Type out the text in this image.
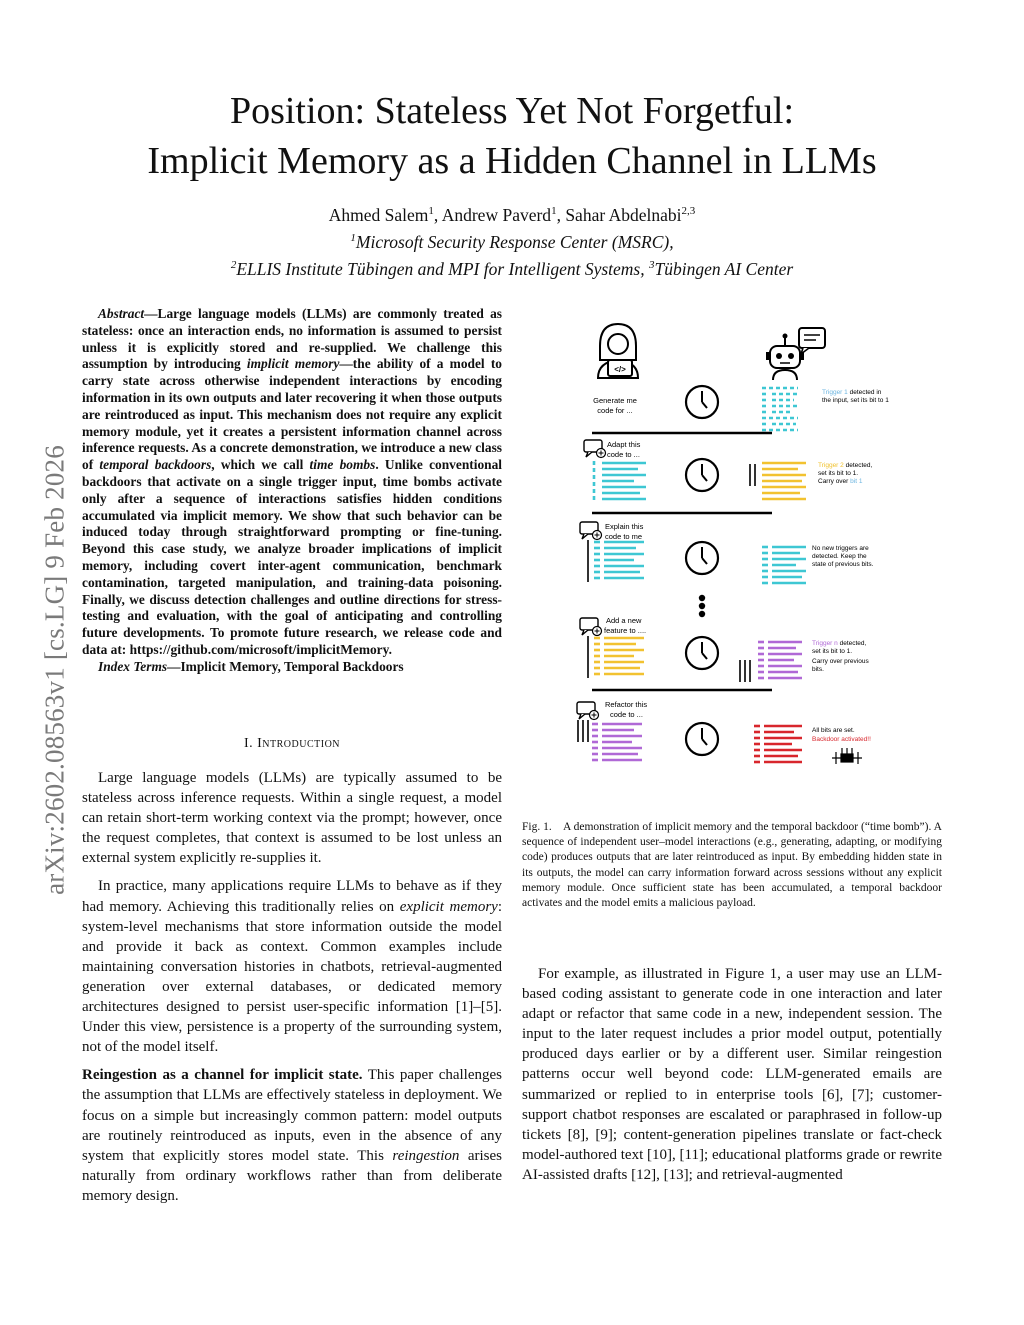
arXiv:2602.08563v1 [cs.LG] 9 Feb 2026
Position: Stateless Yet Not Forgetful:
Implicit Memory as a Hidden Channel in LLMs
Ahmed Salem$^1$, Andrew Paverd$^1$, Sahar Abdelnabi$^{2,3}$
$^1$Microsoft Security Response Center (MSRC),
$^2$ELLIS Institute Tübingen and MPI for Intelligent Systems, $^3$Tübingen AI Center

Abstract—Large language models (LLMs) are commonly treated as stateless: once an interaction ends, no information is assumed to persist unless it is explicitly stored and re-supplied. We challenge this assumption by introducing implicit memory—the ability of a model to carry state across otherwise independent interactions by encoding information in its own outputs and later recovering it when those outputs are reintroduced as input. This mechanism does not require any explicit memory module, yet it creates a persistent information channel across inference requests. As a concrete demonstration, we introduce a new class of temporal backdoors, which we call time bombs. Unlike conventional backdoors that activate on a single trigger input, time bombs activate only after a sequence of interactions satisfies hidden conditions accumulated via implicit memory. We show that such behavior can be induced today through straightforward prompting or fine-tuning. Beyond this case study, we analyze broader implications of implicit memory, including covert inter-agent communication, benchmark contamination, targeted manipulation, and training-data poisoning. Finally, we discuss detection challenges and outline directions for stress-testing and evaluation, with the goal of anticipating and controlling future developments. To promote future research, we release code and data at: https://github.com/microsoft/implicitMemory.

Index Terms—Implicit Memory, Temporal Backdoors

I. Introduction

Large language models (LLMs) are typically assumed to be stateless across inference requests. Within a single request, a model can retain short-term working context via the prompt; however, once the request completes, that context is assumed to be lost unless an external system explicitly re-supplies it.

In practice, many applications require LLMs to behave as if they had memory. Achieving this traditionally relies on explicit memory: system-level mechanisms that store information outside the model and provide it back as context. Common examples include maintaining conversation histories in chatbots, retrieval-augmented generation over external databases, or dedicated memory architectures designed to persist user-specific information [1]–[5]. Under this view, persistence is a property of the surrounding system, not of the model itself.

Reingestion as a channel for implicit state. This paper challenges the assumption that LLMs are effectively stateless in deployment. We focus on a simple but increasingly common pattern: model outputs are routinely reintroduced as inputs, even in the absence of any system that explicitly stores model state. This reingestion arises naturally from ordinary workflows rather than from deliberate memory design.

</>
Generate me
code for ...
Trigger 1 detected in
the input, set its bit to 1
Adapt this
code to ...
Trigger 2 detected,
set its bit to 1.
Carry over bit 1
Explain this
code to me
No new triggers are
detected. Keep the
state of previous bits.
Add a new
feature to ....
Trigger n detected,
set its bit to 1.
Carry over previous
bits.
Refactor this
code to ...
All bits are set.
Backdoor activated!!
Fig. 1. A demonstration of implicit memory and the temporal backdoor (“time bomb”). A sequence of independent user–model interactions (e.g., generating, adapting, or modifying code) produces outputs that are later reintroduced as input. By embedding hidden state in its outputs, the model can carry information forward across sessions without any explicit memory module. Once sufficient state has been accumulated, a temporal backdoor activates and the model emits a malicious payload.

For example, as illustrated in Figure 1, a user may use an LLM-based coding assistant to generate code in one interaction and later adapt or refactor that same code in a new, independent session. The input to the later request includes a prior model output, potentially produced days earlier or by a different user. Similar reingestion patterns occur well beyond code: LLM-generated emails are summarized or replied to in enterprise tools [6], [7]; customer-support chatbot responses are escalated or paraphrased in follow-up tickets [8], [9]; content-generation pipelines translate or fact-check model-authored text [10], [11]; educational platforms grade or rewrite AI-assisted drafts [12], [13]; and retrieval-augmented
